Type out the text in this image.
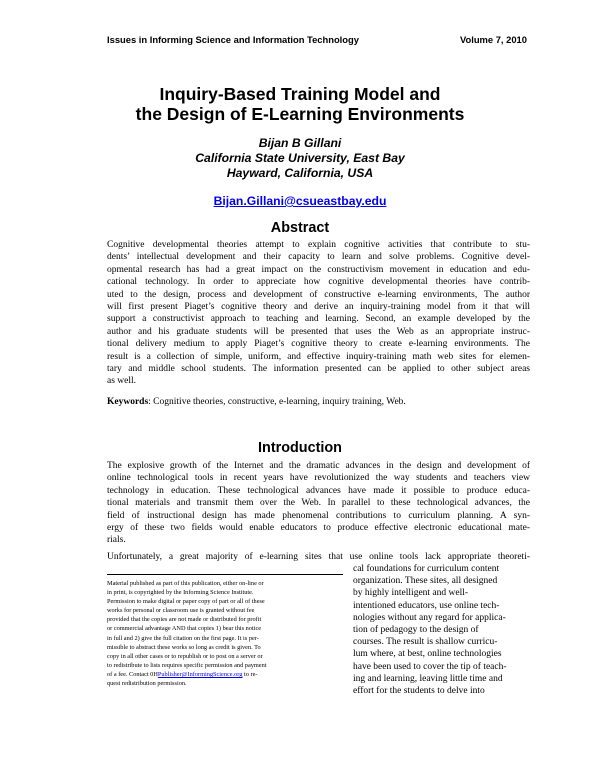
Issues in Informing Science and Information Technology	Volume 7, 2010
Inquiry-Based Training Model and
the Design of E-Learning Environments
Bijan B Gillani
California State University, East Bay
Hayward, California, USA
Bijan.Gillani@csueastbay.edu
Abstract
Cognitive developmental theories attempt to explain cognitive activities that contribute to stu-
dents’ intellectual development and their capacity to learn and solve problems. Cognitive devel-
opmental research has had a great impact on the constructivism movement in education and edu-
cational technology. In order to appreciate how cognitive developmental theories have contrib-
uted to the design, process and development of constructive e-learning environments, The author
will first present Piaget’s cognitive theory and derive an inquiry-training model from it that will
support a constructivist approach to teaching and learning. Second, an example developed by the
author and his graduate students will be presented that uses the Web as an appropriate instruc-
tional delivery medium to apply Piaget’s cognitive theory to create e-learning environments. The
result is a collection of simple, uniform, and effective inquiry-training math web sites for elemen-
tary and middle school students. The information presented can be applied to other subject areas
as well.
Keywords: Cognitive theories, constructive, e-learning, inquiry training, Web.
Introduction
The explosive growth of the Internet and the dramatic advances in the design and development of
online technological tools in recent years have revolutionized the way students and teachers view
technology in education. These technological advances have made it possible to produce educa-
tional materials and transmit them over the Web. In parallel to these technological advances, the
field of instructional design has made phenomenal contributions to curriculum planning. A syn-
ergy of these two fields would enable educators to produce effective electronic educational mate-
rials.
Unfortunately, a great majority of e-learning sites that use online tools lack appropriate theoreti-
Material published as part of this publication, either on-line or
in print, is copyrighted by the Informing Science Institute.
Permission to make digital or paper copy of part or all of these
works for personal or classroom use is granted without fee
provided that the copies are not made or distributed for profit
or commercial advantage AND that copies 1) bear this notice
in full and 2) give the full citation on the first page. It is per-
missible to abstract these works so long as credit is given. To
copy in all other cases or to republish or to post on a server or
to redistribute to lists requires specific permission and payment
of a fee. Contact 0HPublisher@InformingScience.org to re-
quest redistribution permission.
cal foundations for curriculum content
organization. These sites, all designed
by highly intelligent and well-
intentioned educators, use online tech-
nologies without any regard for applica-
tion of pedagogy to the design of
courses. The result is shallow curricu-
lum where, at best, online technologies
have been used to cover the tip of teach-
ing and learning, leaving little time and
effort for the students to delve into
